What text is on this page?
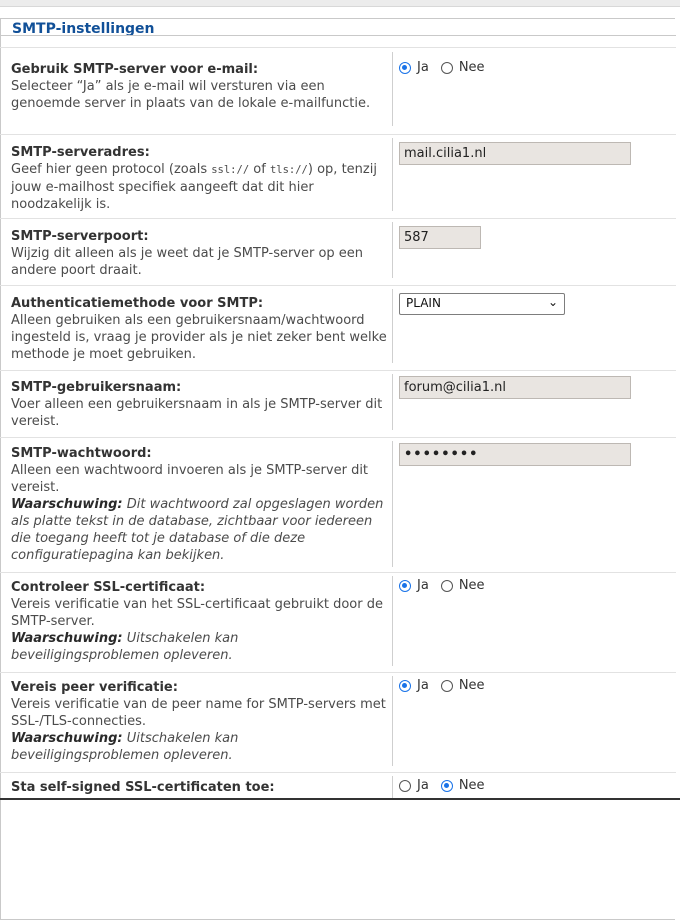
SMTP-instellingen
Gebruik SMTP-server voor e-mail:
Selecteer “Ja” als je e-mail wil versturen via een genoemde server in plaats van de lokale e-mailfunctie.
Ja Nee
SMTP-serveradres:
Geef hier geen protocol (zoals ssl:// of tls://) op, tenzij jouw e-mailhost specifiek aangeeft dat dit hier noodzakelijk is.
mail.cilia1.nl
SMTP-serverpoort:
Wijzig dit alleen als je weet dat je SMTP-server op een andere poort draait.
587
Authenticatiemethode voor SMTP:
Alleen gebruiken als een gebruikersnaam/wachtwoord ingesteld is, vraag je provider als je niet zeker bent welke methode je moet gebruiken.
PLAIN	⌄
SMTP-gebruikersnaam:
Voer alleen een gebruikersnaam in als je SMTP-server dit vereist.
forum@cilia1.nl
SMTP-wachtwoord:
Alleen een wachtwoord invoeren als je SMTP-server dit vereist.
Waarschuwing: Dit wachtwoord zal opgeslagen worden als platte tekst in de database, zichtbaar voor iedereen die toegang heeft tot je database of die deze configuratiepagina kan bekijken.
••••••••
Controleer SSL-certificaat:
Vereis verificatie van het SSL-certificaat gebruikt door de SMTP-server.
Waarschuwing: Uitschakelen kan beveiligingsproblemen opleveren.
Ja Nee
Vereis peer verificatie:
Vereis verificatie van de peer name for SMTP-servers met SSL-/TLS-connecties.
Waarschuwing: Uitschakelen kan beveiligingsproblemen opleveren.
Ja Nee
Sta self-signed SSL-certificaten toe:	Ja Nee
